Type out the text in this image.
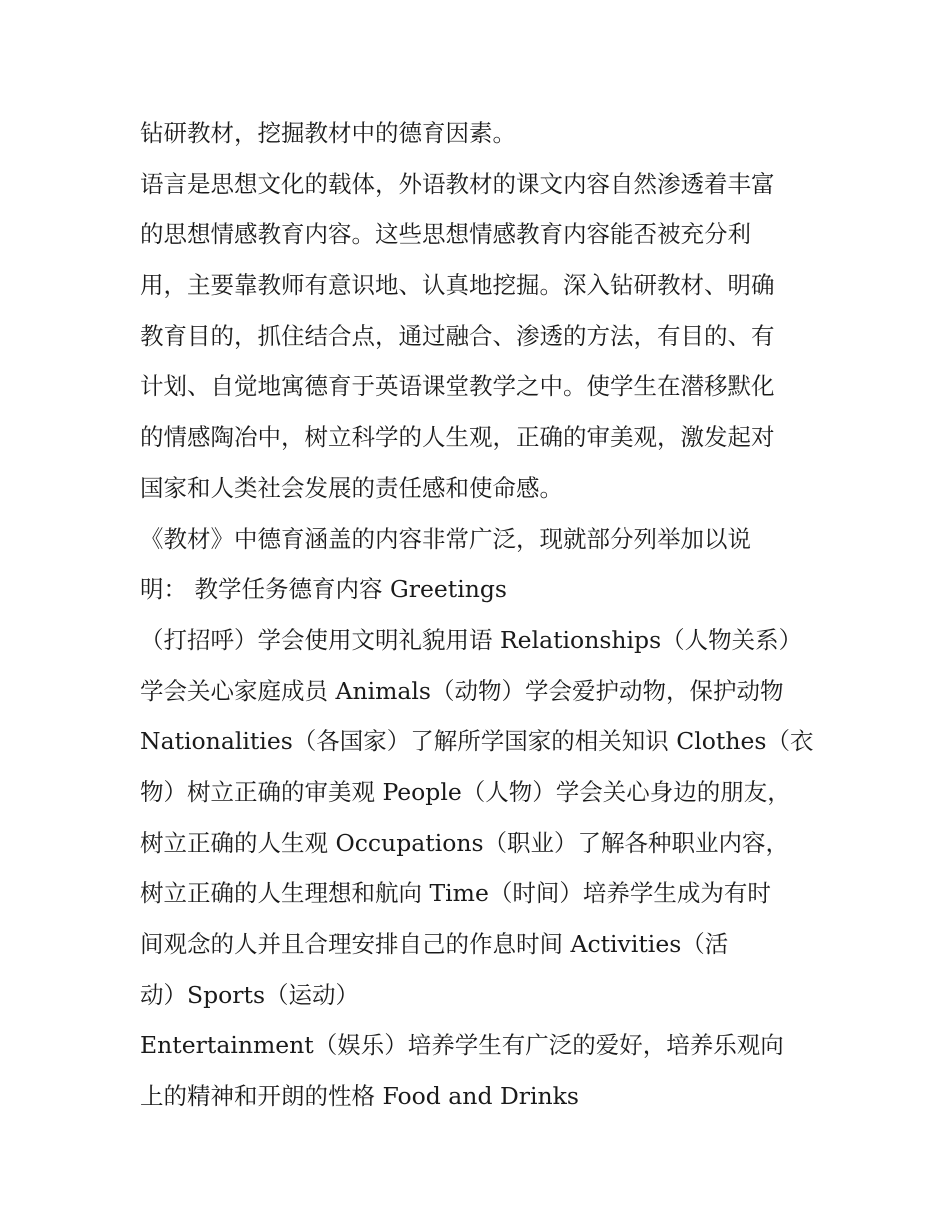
钻研教材，挖掘教材中的德育因素。
语言是思想文化的载体，外语教材的课文内容自然渗透着丰富
的思想情感教育内容。这些思想情感教育内容能否被充分利
用，主要靠教师有意识地、认真地挖掘。深入钻研教材、明确
教育目的，抓住结合点，通过融合、渗透的方法，有目的、有
计划、自觉地寓德育于英语课堂教学之中。使学生在潜移默化
的情感陶冶中，树立科学的人生观，正确的审美观，激发起对
国家和人类社会发展的责任感和使命感。
《教材》中德育涵盖的内容非常广泛，现就部分列举加以说
明： 教学任务德育内容 Greetings
（打招呼）学会使用文明礼貌用语 Relationships（人物关系）
学会关心家庭成员 Animals（动物）学会爱护动物，保护动物
Nationalities（各国家）了解所学国家的相关知识 Clothes（衣
物）树立正确的审美观 People（人物）学会关心身边的朋友，
树立正确的人生观 Occupations（职业）了解各种职业内容，
树立正确的人生理想和航向 Time（时间）培养学生成为有时
间观念的人并且合理安排自己的作息时间 Activities（活
动）Sports（运动）
Entertainment（娱乐）培养学生有广泛的爱好，培养乐观向
上的精神和开朗的性格 Food and Drinks
